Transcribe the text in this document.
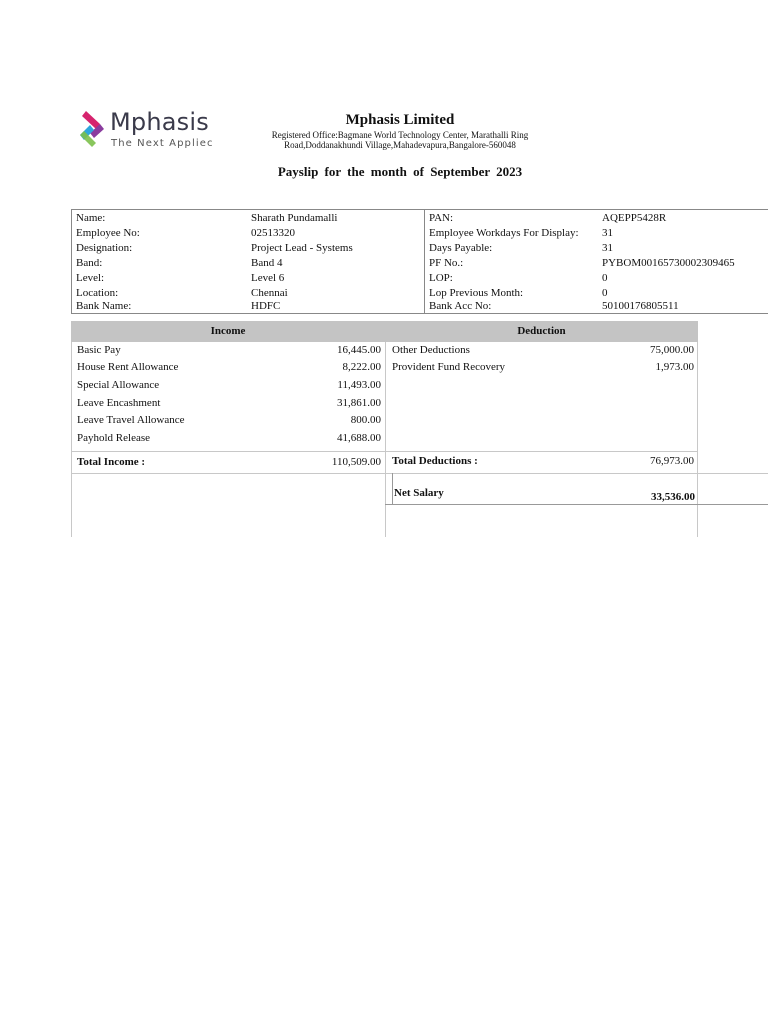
Mphasis
The Next Appliec
Mphasis Limited
Registered Office:Bagmane World Technology Center, Marathalli Ring
Road,Doddanakhundi Village,Mahadevapura,Bangalore-560048
Payslip for the month of September 2023
Name:	Sharath Pundamalli
Employee No:	02513320
Designation:	Project Lead - Systems
Band:	Band 4
Level:	Level 6
Location:	Chennai
Bank Name:	HDFC
PAN:	AQEPP5428R
Employee Workdays For Display: 31
Days Payable:	31
PF No.:	PYBOM00165730002309465
LOP:	0
Lop Previous Month:	0
Bank Acc No:	50100176805511
Income	Deduction
Basic Pay	16,445.00
House Rent Allowance	8,222.00
Special Allowance	11,493.00
Leave Encashment	31,861.00
Leave Travel Allowance	800.00
Payhold Release	41,688.00
Total Income :	110,509.00
Other Deductions	75,000.00
Provident Fund Recovery	1,973.00
Total Deductions :	76,973.00
Net Salary	33,536.00
